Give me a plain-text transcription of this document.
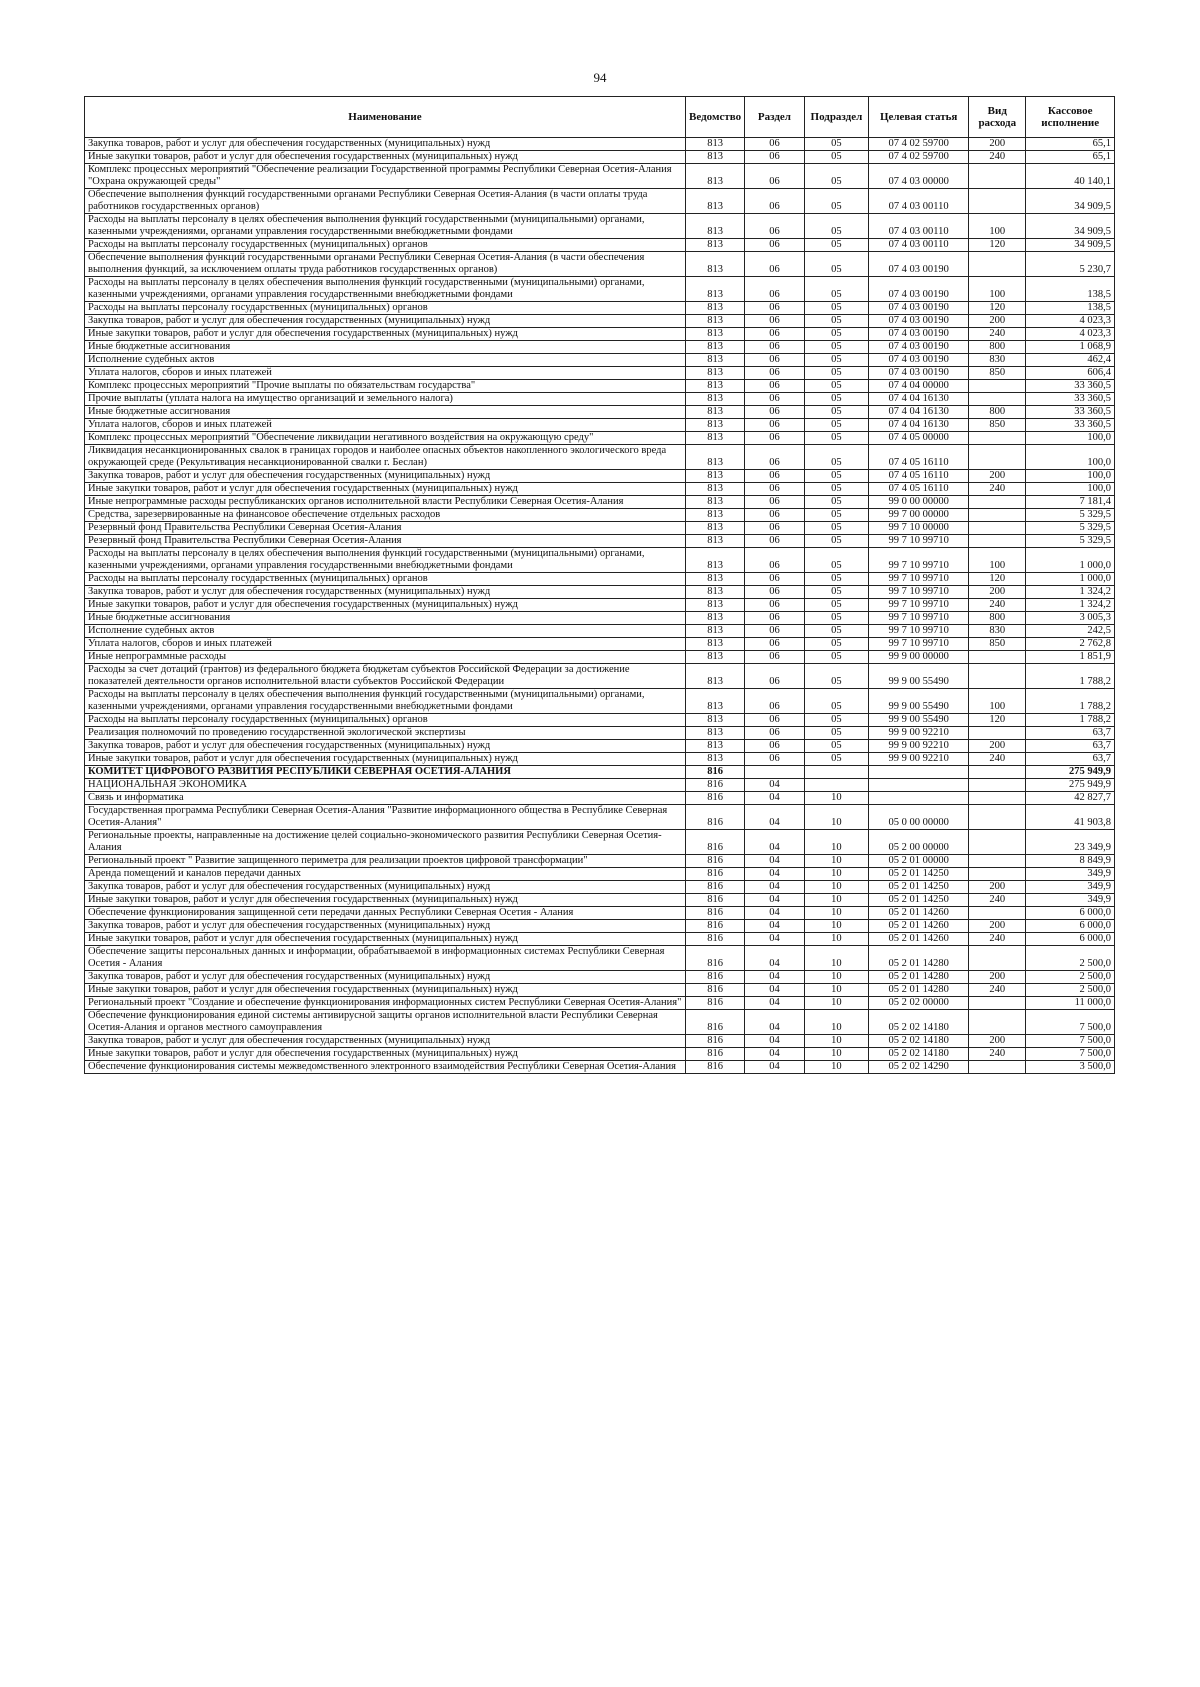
94
Наименование	Ведомство	Раздел	Подраздел	Целевая статья	Вид расхода	Кассовое исполнение
Закупка товаров, работ и услуг для обеспечения государственных (муниципальных) нужд	813	06	05	07 4 02 59700	200	65,1
Иные закупки товаров, работ и услуг для обеспечения государственных (муниципальных) нужд	813	06	05	07 4 02 59700	240	65,1
Комплекс процессных мероприятий "Обеспечение реализации Государственной программы Республики Северная Осетия-Алания "Охрана окружающей среды"	813	06	05	07 4 03 00000		40 140,1
Обеспечение выполнения функций государственными органами Республики Северная Осетия-Алания (в части оплаты труда работников государственных органов)	813	06	05	07 4 03 00110		34 909,5
Расходы на выплаты персоналу в целях обеспечения выполнения функций государственными (муниципальными) органами, казенными учреждениями, органами управления государственными внебюджетными фондами	813	06	05	07 4 03 00110	100	34 909,5
Расходы на выплаты персоналу государственных (муниципальных) органов	813	06	05	07 4 03 00110	120	34 909,5
Обеспечение выполнения функций государственными органами Республики Северная Осетия-Алания (в части обеспечения выполнения функций, за исключением оплаты труда работников государственных органов)	813	06	05	07 4 03 00190		5 230,7
Расходы на выплаты персоналу в целях обеспечения выполнения функций государственными (муниципальными) органами, казенными учреждениями, органами управления государственными внебюджетными фондами	813	06	05	07 4 03 00190	100	138,5
Расходы на выплаты персоналу государственных (муниципальных) органов	813	06	05	07 4 03 00190	120	138,5
Закупка товаров, работ и услуг для обеспечения государственных (муниципальных) нужд	813	06	05	07 4 03 00190	200	4 023,3
Иные закупки товаров, работ и услуг для обеспечения государственных (муниципальных) нужд	813	06	05	07 4 03 00190	240	4 023,3
Иные бюджетные ассигнования	813	06	05	07 4 03 00190	800	1 068,9
Исполнение судебных актов	813	06	05	07 4 03 00190	830	462,4
Уплата налогов, сборов и иных платежей	813	06	05	07 4 03 00190	850	606,4
Комплекс процессных мероприятий "Прочие выплаты по обязательствам государства"	813	06	05	07 4 04 00000		33 360,5
Прочие выплаты (уплата налога на имущество организаций и земельного налога)	813	06	05	07 4 04 16130		33 360,5
Иные бюджетные ассигнования	813	06	05	07 4 04 16130	800	33 360,5
Уплата налогов, сборов и иных платежей	813	06	05	07 4 04 16130	850	33 360,5
Комплекс процессных мероприятий "Обеспечение ликвидации негативного воздействия на окружающую среду"	813	06	05	07 4 05 00000		100,0
Ликвидация несанкционированных свалок в границах городов и наиболее опасных объектов накопленного экологического вреда окружающей среде (Рекультивация несанкционированной свалки г. Беслан)	813	06	05	07 4 05 16110		100,0
Закупка товаров, работ и услуг для обеспечения государственных (муниципальных) нужд	813	06	05	07 4 05 16110	200	100,0
Иные закупки товаров, работ и услуг для обеспечения государственных (муниципальных) нужд	813	06	05	07 4 05 16110	240	100,0
Иные непрограммные расходы республиканских органов исполнительной власти Республики Северная Осетия-Алания	813	06	05	99 0 00 00000		7 181,4
Средства, зарезервированные на финансовое обеспечение отдельных расходов	813	06	05	99 7 00 00000		5 329,5
Резервный фонд Правительства Республики Северная Осетия-Алания	813	06	05	99 7 10 00000		5 329,5
Резервный фонд Правительства Республики Северная Осетия-Алания	813	06	05	99 7 10 99710		5 329,5
Расходы на выплаты персоналу в целях обеспечения выполнения функций государственными (муниципальными) органами, казенными учреждениями, органами управления государственными внебюджетными фондами	813	06	05	99 7 10 99710	100	1 000,0
Расходы на выплаты персоналу государственных (муниципальных) органов	813	06	05	99 7 10 99710	120	1 000,0
Закупка товаров, работ и услуг для обеспечения государственных (муниципальных) нужд	813	06	05	99 7 10 99710	200	1 324,2
Иные закупки товаров, работ и услуг для обеспечения государственных (муниципальных) нужд	813	06	05	99 7 10 99710	240	1 324,2
Иные бюджетные ассигнования	813	06	05	99 7 10 99710	800	3 005,3
Исполнение судебных актов	813	06	05	99 7 10 99710	830	242,5
Уплата налогов, сборов и иных платежей	813	06	05	99 7 10 99710	850	2 762,8
Иные непрограммные расходы	813	06	05	99 9 00 00000		1 851,9
Расходы за счет дотаций (грантов) из федерального бюджета бюджетам субъектов Российской Федерации за достижение показателей деятельности органов исполнительной власти субъектов Российской Федерации	813	06	05	99 9 00 55490		1 788,2
Расходы на выплаты персоналу в целях обеспечения выполнения функций государственными (муниципальными) органами, казенными учреждениями, органами управления государственными внебюджетными фондами	813	06	05	99 9 00 55490	100	1 788,2
Расходы на выплаты персоналу государственных (муниципальных) органов	813	06	05	99 9 00 55490	120	1 788,2
Реализация полномочий по проведению государственной экологической экспертизы	813	06	05	99 9 00 92210		63,7
Закупка товаров, работ и услуг для обеспечения государственных (муниципальных) нужд	813	06	05	99 9 00 92210	200	63,7
Иные закупки товаров, работ и услуг для обеспечения государственных (муниципальных) нужд	813	06	05	99 9 00 92210	240	63,7
КОМИТЕТ ЦИФРОВОГО РАЗВИТИЯ РЕСПУБЛИКИ СЕВЕРНАЯ ОСЕТИЯ-АЛАНИЯ	816					275 949,9
НАЦИОНАЛЬНАЯ ЭКОНОМИКА	816	04				275 949,9
Связь и информатика	816	04	10			42 827,7
Государственная программа Республики Северная Осетия-Алания "Развитие информационного общества в Республике Северная Осетия-Алания"	816	04	10	05 0 00 00000		41 903,8
Региональные проекты, направленные на достижение целей социально-экономического развития Республики Северная Осетия-Алания	816	04	10	05 2 00 00000		23 349,9
Региональный проект " Развитие защищенного периметра для реализации проектов цифровой трансформации"	816	04	10	05 2 01 00000		8 849,9
Аренда помещений и каналов передачи данных	816	04	10	05 2 01 14250		349,9
Закупка товаров, работ и услуг для обеспечения государственных (муниципальных) нужд	816	04	10	05 2 01 14250	200	349,9
Иные закупки товаров, работ и услуг для обеспечения государственных (муниципальных) нужд	816	04	10	05 2 01 14250	240	349,9
Обеспечение функционирования защищенной сети передачи данных Республики Северная Осетия - Алания	816	04	10	05 2 01 14260		6 000,0
Закупка товаров, работ и услуг для обеспечения государственных (муниципальных) нужд	816	04	10	05 2 01 14260	200	6 000,0
Иные закупки товаров, работ и услуг для обеспечения государственных (муниципальных) нужд	816	04	10	05 2 01 14260	240	6 000,0
Обеспечение защиты персональных данных и информации, обрабатываемой в информационных системах Республики Северная Осетия - Алания	816	04	10	05 2 01 14280		2 500,0
Закупка товаров, работ и услуг для обеспечения государственных (муниципальных) нужд	816	04	10	05 2 01 14280	200	2 500,0
Иные закупки товаров, работ и услуг для обеспечения государственных (муниципальных) нужд	816	04	10	05 2 01 14280	240	2 500,0
Региональный проект "Создание и обеспечение функционирования информационных систем Республики Северная Осетия-Алания"	816	04	10	05 2 02 00000		11 000,0
Обеспечение функционирования единой системы антивирусной защиты органов исполнительной власти Республики Северная Осетия-Алания и органов местного самоуправления	816	04	10	05 2 02 14180		7 500,0
Закупка товаров, работ и услуг для обеспечения государственных (муниципальных) нужд	816	04	10	05 2 02 14180	200	7 500,0
Иные закупки товаров, работ и услуг для обеспечения государственных (муниципальных) нужд	816	04	10	05 2 02 14180	240	7 500,0
Обеспечение функционирования системы межведомственного электронного взаимодействия Республики Северная Осетия-Алания	816	04	10	05 2 02 14290		3 500,0
